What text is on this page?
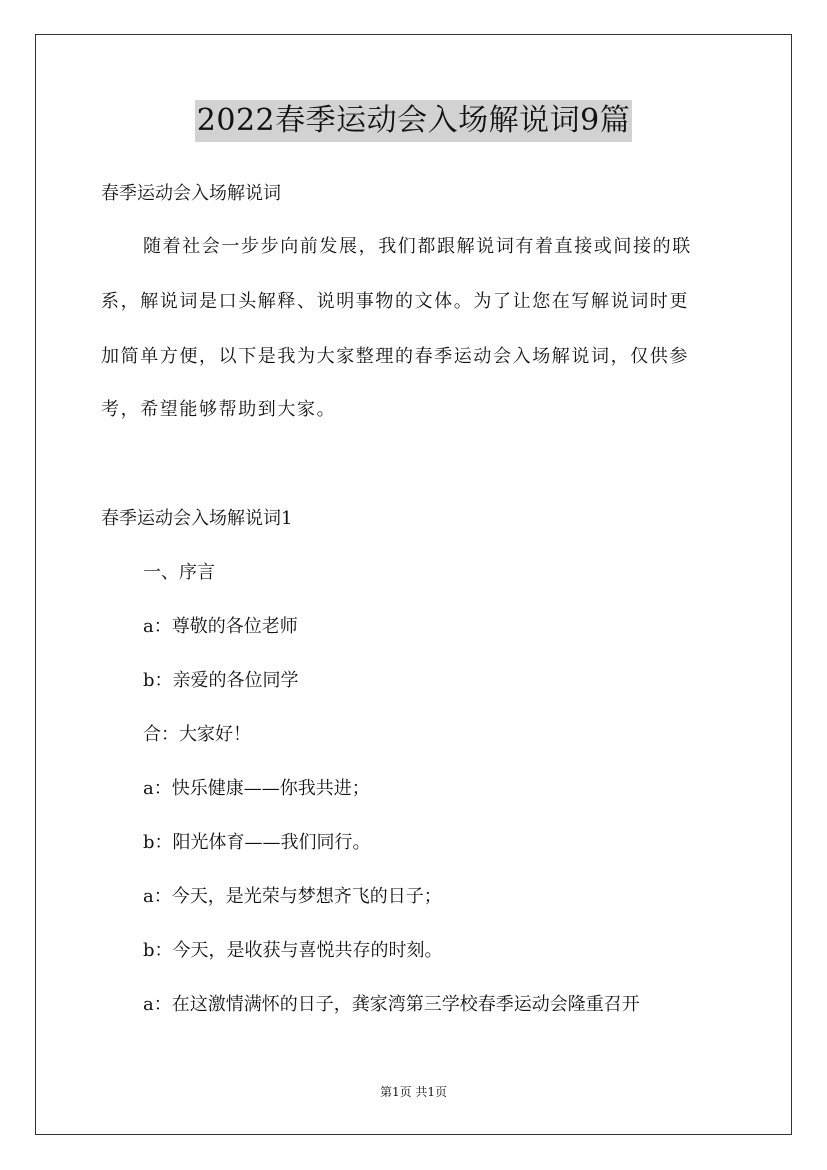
2022春季运动会入场解说词9篇
春季运动会入场解说词
随着社会一步步向前发展，我们都跟解说词有着直接或间接的联
系，解说词是口头解释、说明事物的文体。为了让您在写解说词时更
加简单方便，以下是我为大家整理的春季运动会入场解说词，仅供参
考，希望能够帮助到大家。
春季运动会入场解说词1
一、序言
a：尊敬的各位老师
b：亲爱的各位同学
合：大家好！
a：快乐健康——你我共进；
b：阳光体育——我们同行。
a：今天，是光荣与梦想齐飞的日子；
b：今天，是收获与喜悦共存的时刻。
a：在这激情满怀的日子，龚家湾第三学校春季运动会隆重召开
第1页 共1页
